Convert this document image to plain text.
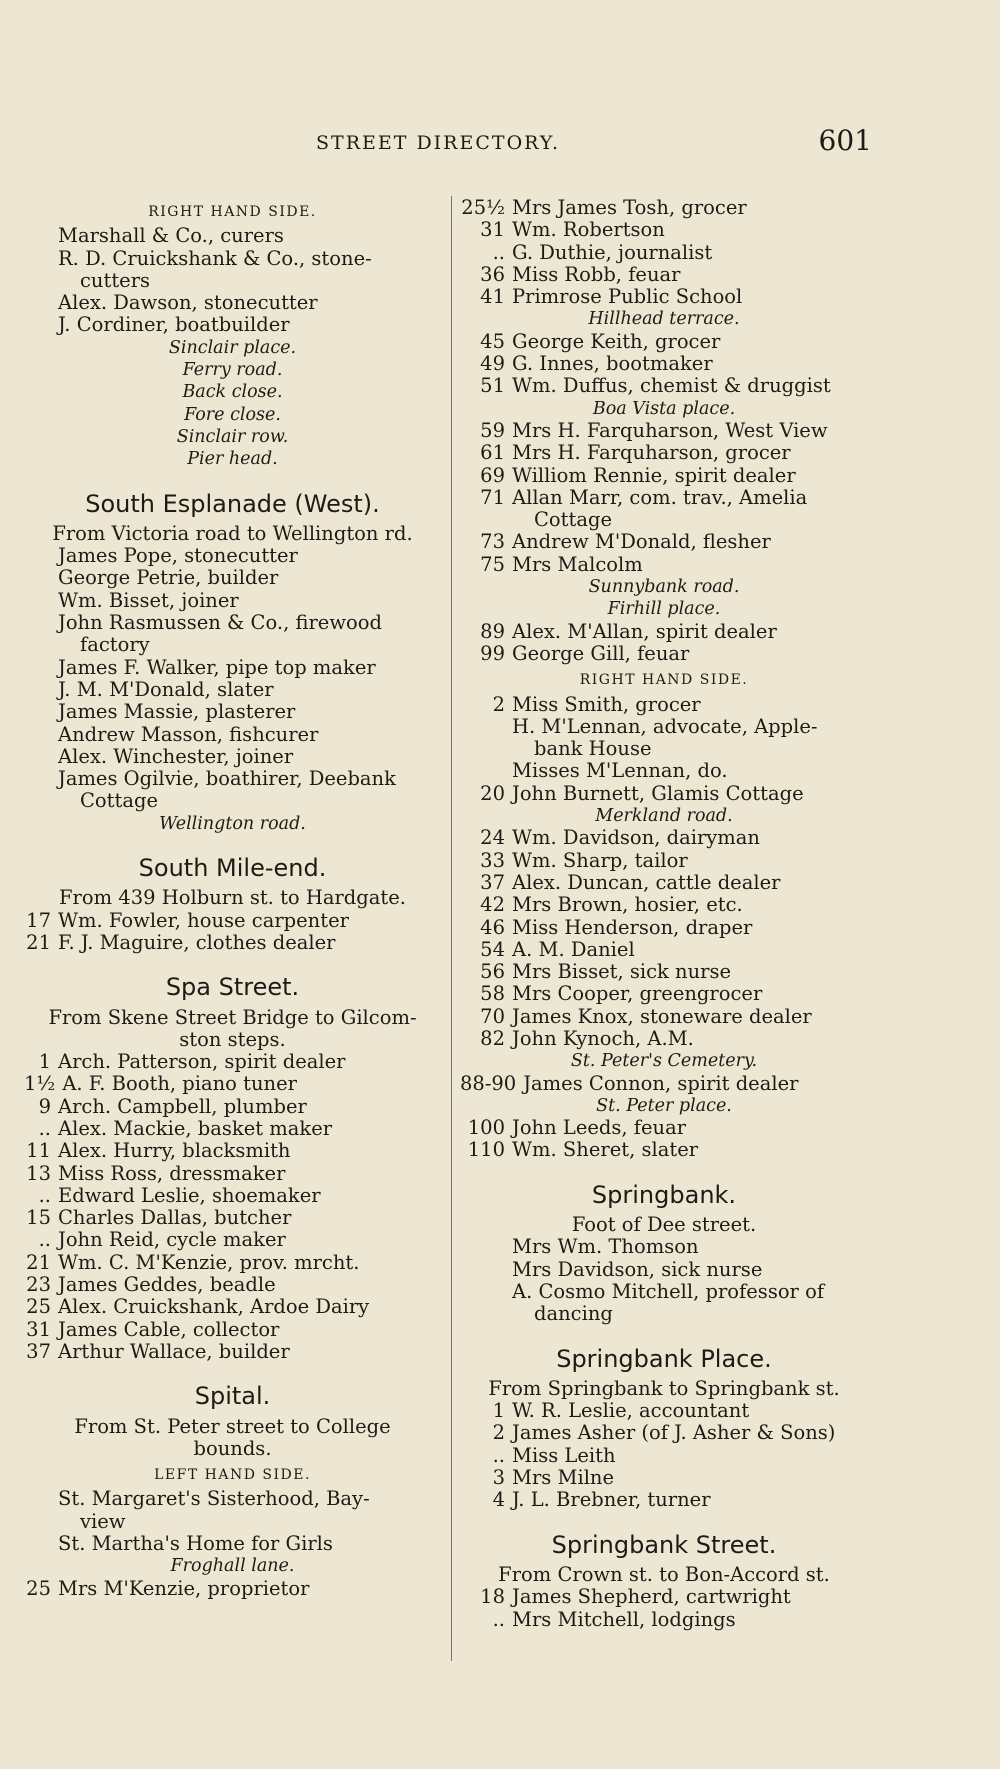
STREET DIRECTORY.	601
RIGHT HAND SIDE.
Marshall & Co., curers
R. D. Cruickshank & Co., stone-
cutters
Alex. Dawson, stonecutter
J. Cordiner, boatbuilder
Sinclair place.
Ferry road.
Back close.
Fore close.
Sinclair row.
Pier head.
South Esplanade (West).
From Victoria road to Wellington rd.
James Pope, stonecutter
George Petrie, builder
Wm. Bisset, joiner
John Rasmussen & Co., firewood
factory
James F. Walker, pipe top maker
J. M. M'Donald, slater
James Massie, plasterer
Andrew Masson, fishcurer
Alex. Winchester, joiner
James Ogilvie, boathirer, Deebank
Cottage
Wellington road.
South Mile-end.
From 439 Holburn st. to Hardgate.
17 Wm. Fowler, house carpenter
21 F. J. Maguire, clothes dealer
Spa Street.
From Skene Street Bridge to Gilcom-
ston steps.
1 Arch. Patterson, spirit dealer
1½ A. F. Booth, piano tuner
9 Arch. Campbell, plumber
.. Alex. Mackie, basket maker
11 Alex. Hurry, blacksmith
13 Miss Ross, dressmaker
.. Edward Leslie, shoemaker
15 Charles Dallas, butcher
.. John Reid, cycle maker
21 Wm. C. M'Kenzie, prov. mrcht.
23 James Geddes, beadle
25 Alex. Cruickshank, Ardoe Dairy
31 James Cable, collector
37 Arthur Wallace, builder
Spital.
From St. Peter street to College
bounds.
LEFT HAND SIDE.
St. Margaret's Sisterhood, Bay-
view
St. Martha's Home for Girls
Froghall lane.
25 Mrs M'Kenzie, proprietor
25½ Mrs James Tosh, grocer
31 Wm. Robertson
.. G. Duthie, journalist
36 Miss Robb, feuar
41 Primrose Public School
Hillhead terrace.
45 George Keith, grocer
49 G. Innes, bootmaker
51 Wm. Duffus, chemist & druggist
Boa Vista place.
59 Mrs H. Farquharson, West View
61 Mrs H. Farquharson, grocer
69 Williom Rennie, spirit dealer
71 Allan Marr, com. trav., Amelia
Cottage
73 Andrew M'Donald, flesher
75 Mrs Malcolm
Sunnybank road.
Firhill place.
89 Alex. M'Allan, spirit dealer
99 George Gill, feuar
RIGHT HAND SIDE.
2 Miss Smith, grocer
H. M'Lennan, advocate, Apple-
bank House
Misses M'Lennan, do.
20 John Burnett, Glamis Cottage
Merkland road.
24 Wm. Davidson, dairyman
33 Wm. Sharp, tailor
37 Alex. Duncan, cattle dealer
42 Mrs Brown, hosier, etc.
46 Miss Henderson, draper
54 A. M. Daniel
56 Mrs Bisset, sick nurse
58 Mrs Cooper, greengrocer
70 James Knox, stoneware dealer
82 John Kynoch, A.M.
St. Peter's Cemetery.
88-90 James Connon, spirit dealer
St. Peter place.
100 John Leeds, feuar
110 Wm. Sheret, slater
Springbank.
Foot of Dee street.
Mrs Wm. Thomson
Mrs Davidson, sick nurse
A. Cosmo Mitchell, professor of
dancing
Springbank Place.
From Springbank to Springbank st.
1 W. R. Leslie, accountant
2 James Asher (of J. Asher & Sons)
.. Miss Leith
3 Mrs Milne
4 J. L. Brebner, turner
Springbank Street.
From Crown st. to Bon-Accord st.
18 James Shepherd, cartwright
.. Mrs Mitchell, lodgings
